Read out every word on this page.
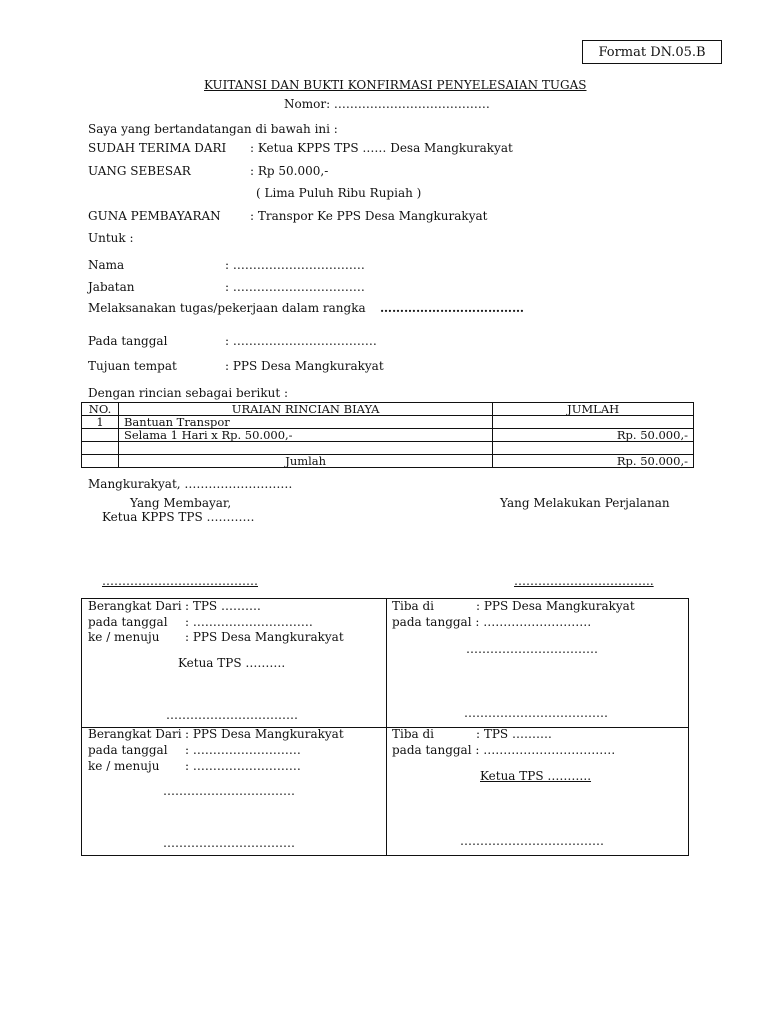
Format DN.05.B
KUITANSI DAN BUKTI KONFIRMASI PENYELESAIAN TUGAS
Nomor: …………………………………
Saya yang bertandatangan di bawah ini :
SUDAH TERIMA DARI : Ketua KPPS TPS …… Desa Mangkurakyat
UANG SEBESAR	: Rp 50.000,-
( Lima Puluh Ribu Rupiah )
GUNA PEMBAYARAN : Transpor Ke PPS Desa Mangkurakyat
Untuk :
Nama	: ……………………………
Jabatan	: ……………………………
Melaksanakan tugas/pekerjaan dalam rangka ………………………………
Pada tanggal	: ………………………………
Tujuan tempat	: PPS Desa Mangkurakyat
Dengan rincian sebagai berikut :
NO.	URAIAN RINCIAN BIAYA	JUMLAH
1	Bantuan Transpor	
	Selama 1 Hari x Rp. 50.000,-	Rp. 50.000,-

	Jumlah	Rp. 50.000,-
Mangkurakyat, ………………………
Yang Membayar,
Ketua KPPS TPS …………
Yang Melakukan Perjalanan
…………………………………	……………………………..
Berangkat Dari : TPS ……….
pada tanggal : …………………………
ke / menuju : PPS Desa Mangkurakyat
Ketua TPS ……….
……………………………
Tiba di	: PPS Desa Mangkurakyat
pada tanggal : ………………………
……………………………
………………………………
Berangkat Dari : PPS Desa Mangkurakyat
pada tanggal : ………………………
ke / menuju : ………………………
……………………………
……………………………
Tiba di	: TPS ……….
pada tanggal : ……………………………
Ketua TPS ………..
………………………………
